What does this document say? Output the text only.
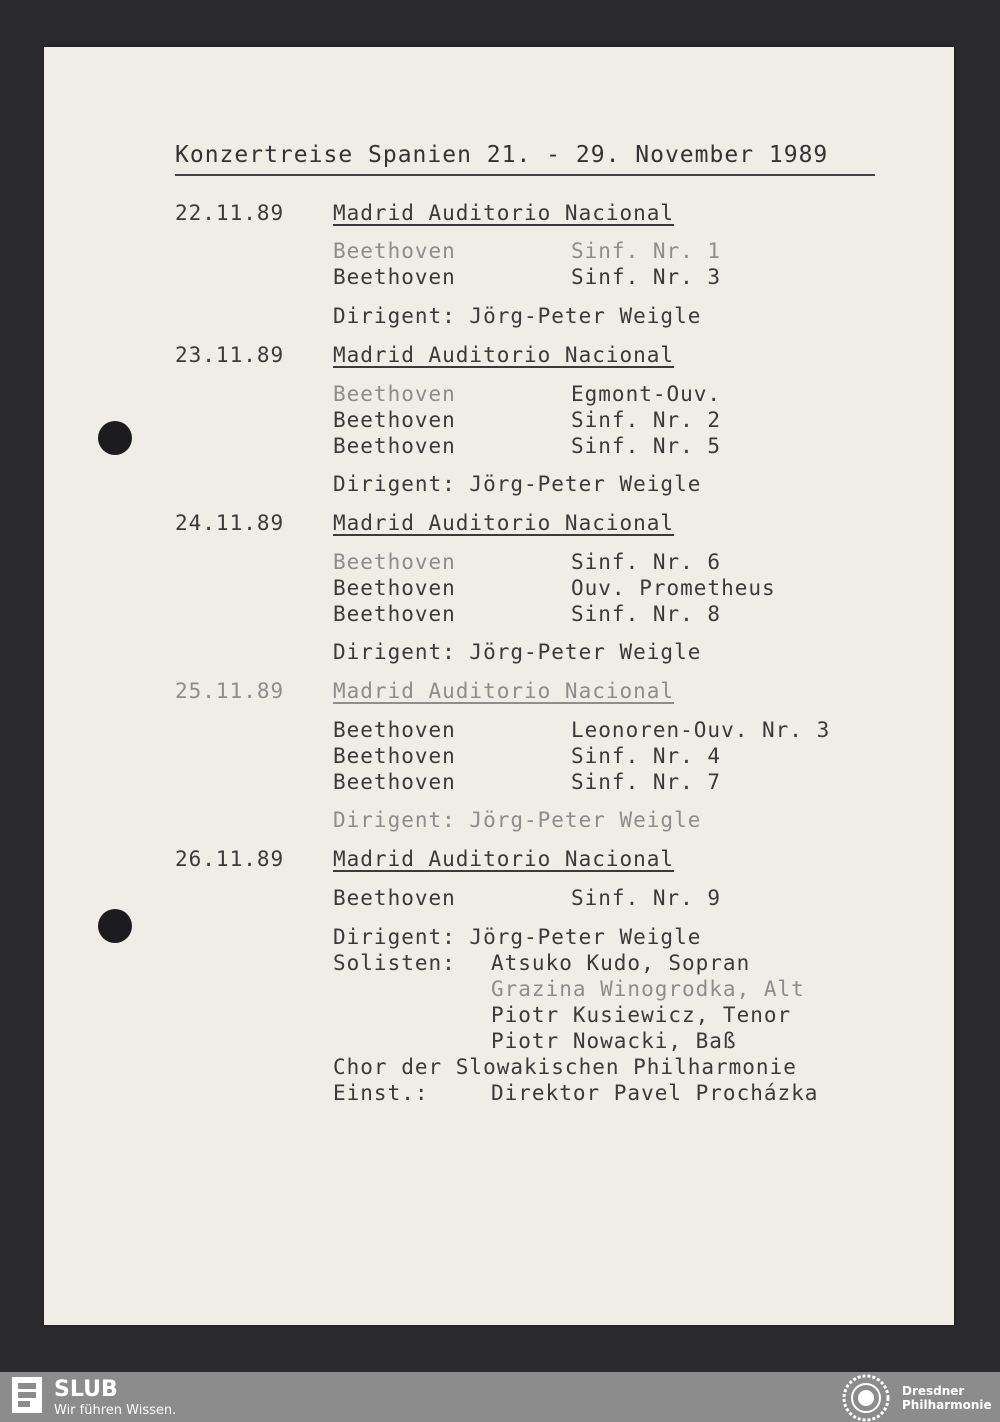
Konzertreise Spanien 21. - 29. November 1989
22.11.89 Madrid Auditorio Nacional
Beethoven	Sinf. Nr. 1
Beethoven	Sinf. Nr. 3
Dirigent: Jörg-Peter Weigle
23.11.89 Madrid Auditorio Nacional
Beethoven	Egmont-Ouv.
Beethoven	Sinf. Nr. 2
Beethoven	Sinf. Nr. 5
Dirigent: Jörg-Peter Weigle
24.11.89 Madrid Auditorio Nacional
Beethoven	Sinf. Nr. 6
Beethoven	Ouv. Prometheus
Beethoven	Sinf. Nr. 8
Dirigent: Jörg-Peter Weigle
25.11.89 Madrid Auditorio Nacional
Beethoven	Leonoren-Ouv. Nr. 3
Beethoven	Sinf. Nr. 4
Beethoven	Sinf. Nr. 7
Dirigent: Jörg-Peter Weigle
26.11.89 Madrid Auditorio Nacional
Beethoven	Sinf. Nr. 9
Dirigent: Jörg-Peter Weigle
Solisten: Atsuko Kudo, Sopran
Grazina Winogrodka, Alt
Piotr Kusiewicz, Tenor
Piotr Nowacki, Baß
Chor der Slowakischen Philharmonie
Einst.:	Direktor Pavel Procházka
SLUB
Wir führen Wissen.
Dresdner
Philharmonie
